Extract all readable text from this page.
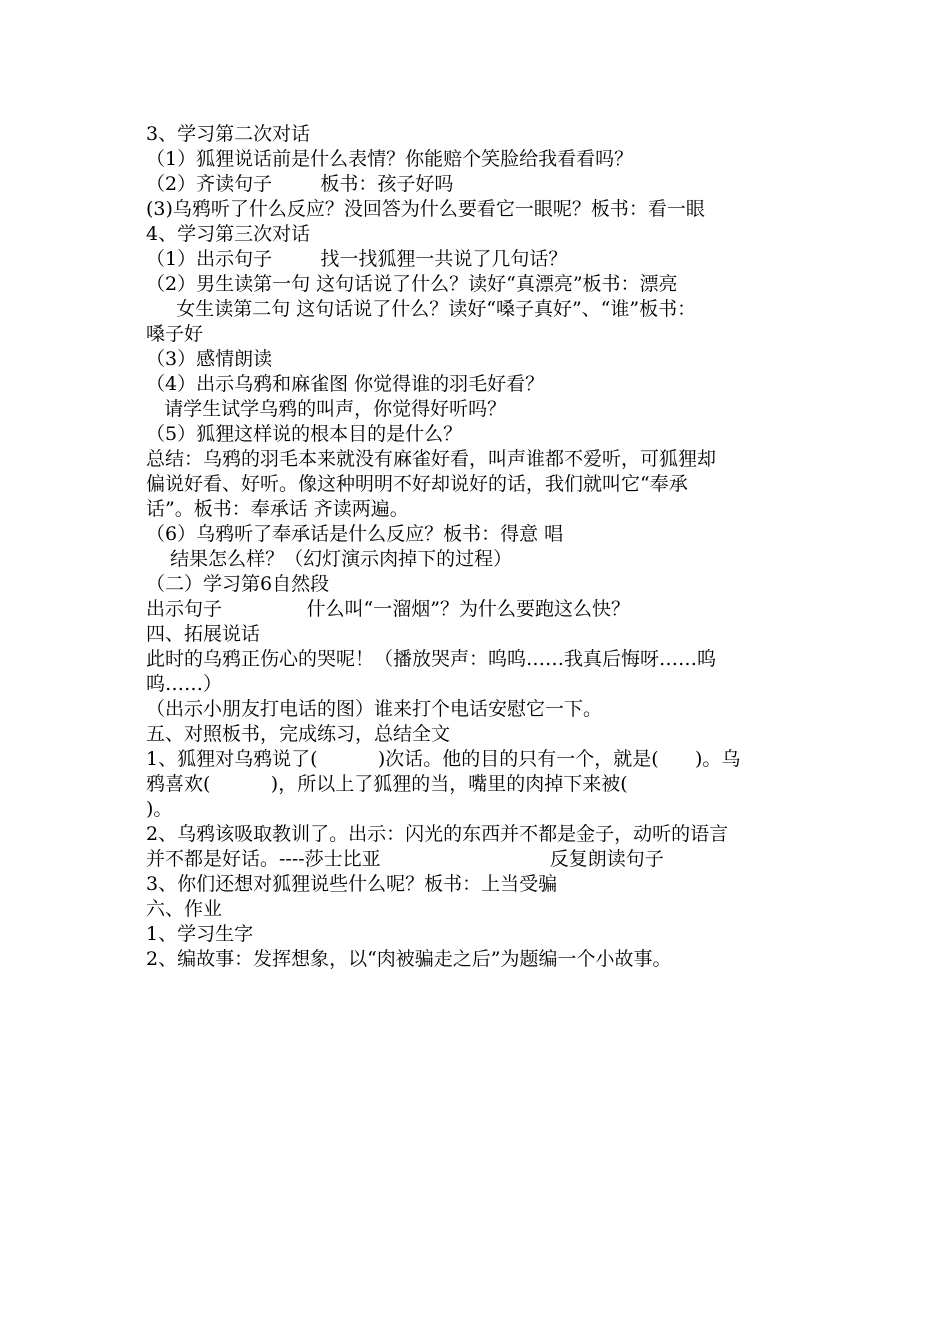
3、学习第二次对话
（1）狐狸说话前是什么表情？你能赔个笑脸给我看看吗？
（2）齐读句子        板书：孩子好吗
(3)乌鸦听了什么反应？没回答为什么要看它一眼呢？板书：看一眼
4、学习第三次对话
（1）出示句子        找一找狐狸一共说了几句话？
（2）男生读第一句 这句话说了什么？读好“真漂亮”板书：漂亮
女生读第二句 这句话说了什么？读好“嗓子真好”、“谁”板书：
嗓子好
（3）感情朗读
（4）出示乌鸦和麻雀图 你觉得谁的羽毛好看？
请学生试学乌鸦的叫声，你觉得好听吗？
（5）狐狸这样说的根本目的是什么？
总结：乌鸦的羽毛本来就没有麻雀好看，叫声谁都不爱听，可狐狸却
偏说好看、好听。像这种明明不好却说好的话，我们就叫它“奉承
话”。板书：奉承话 齐读两遍。
（6）乌鸦听了奉承话是什么反应？板书：得意 唱
结果怎么样？（幻灯演示肉掉下的过程）
（二）学习第6自然段
出示句子              什么叫“一溜烟”？为什么要跑这么快？
四、拓展说话
此时的乌鸦正伤心的哭呢！（播放哭声：呜呜……我真后悔呀……呜
呜……）
（出示小朋友打电话的图）谁来打个电话安慰它一下。
五、对照板书，完成练习，总结全文
1、狐狸对乌鸦说了(          )次话。他的目的只有一个，就是(      )。乌
鸦喜欢(          )，所以上了狐狸的当，嘴里的肉掉下来被(
)。
2、乌鸦该吸取教训了。出示：闪光的东西并不都是金子，动听的语言
并不都是好话。----莎士比亚                            反复朗读句子
3、你们还想对狐狸说些什么呢？板书：上当受骗
六、作业
1、学习生字
2、编故事：发挥想象，以“肉被骗走之后”为题编一个小故事。
